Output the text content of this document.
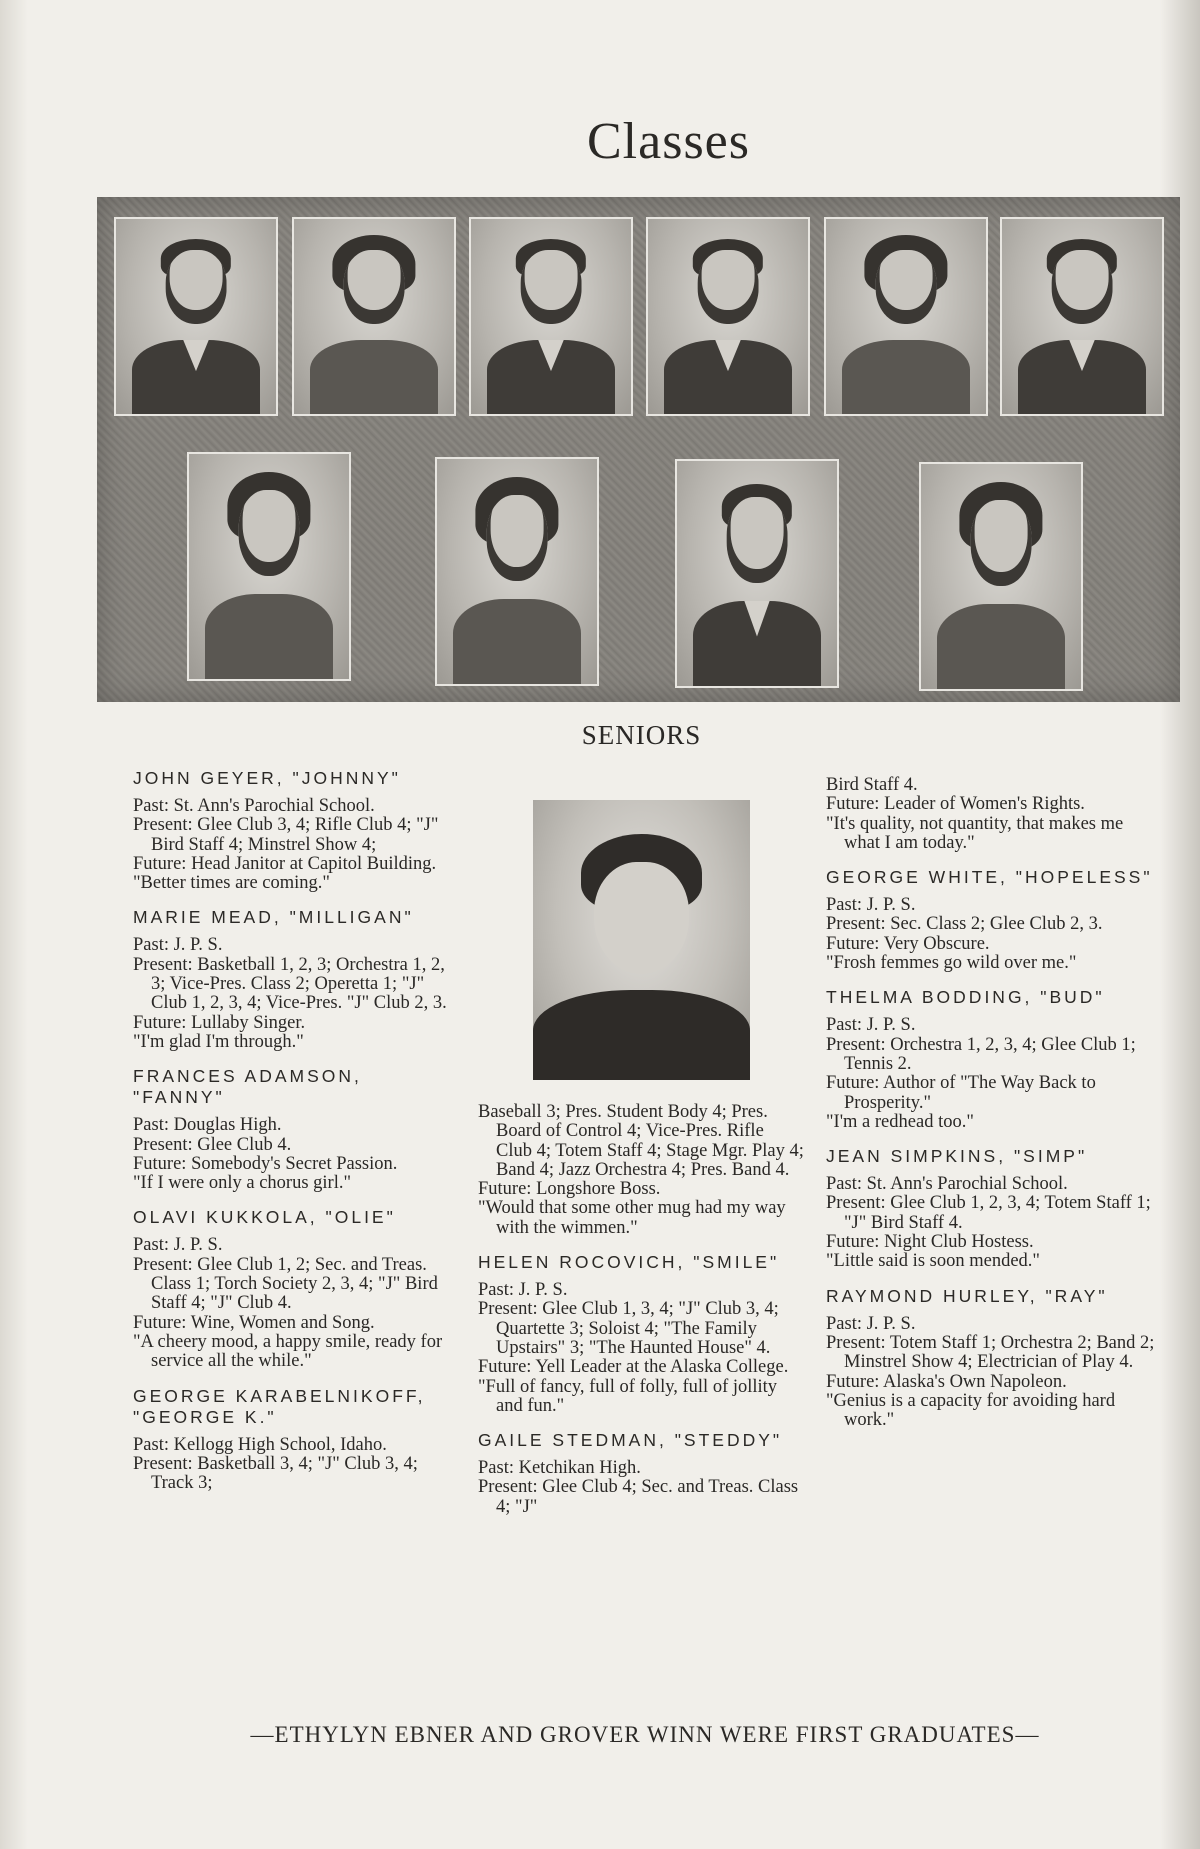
Classes
SENIORS

JOHN GEYER, "JOHNNY"

Past: St. Ann's Parochial School.

Present: Glee Club 3, 4; Rifle Club 4; "J" Bird Staff 4; Minstrel Show 4;

Future: Head Janitor at Capitol Building.

"Better times are coming."

MARIE MEAD, "MILLIGAN"

Past: J. P. S.

Present: Basketball 1, 2, 3; Orchestra 1, 2, 3; Vice-Pres. Class 2; Operetta 1; "J" Club 1, 2, 3, 4; Vice-Pres. "J" Club 2, 3.

Future: Lullaby Singer.

"I'm glad I'm through."

FRANCES ADAMSON, "FANNY"

Past: Douglas High.

Present: Glee Club 4.

Future: Somebody's Secret Passion.

"If I were only a chorus girl."

OLAVI KUKKOLA, "OLIE"

Past: J. P. S.

Present: Glee Club 1, 2; Sec. and Treas. Class 1; Torch Society 2, 3, 4; "J" Bird Staff 4; "J" Club 4.

Future: Wine, Women and Song.

"A cheery mood, a happy smile, ready for service all the while."

GEORGE KARABELNIKOFF, "GEORGE K."

Past: Kellogg High School, Idaho.

Present: Basketball 3, 4; "J" Club 3, 4; Track 3;

Baseball 3; Pres. Student Body 4; Pres. Board of Control 4; Vice-Pres. Rifle Club 4; Totem Staff 4; Stage Mgr. Play 4; Band 4; Jazz Orchestra 4; Pres. Band 4.

Future: Longshore Boss.

"Would that some other mug had my way with the wimmen."

HELEN ROCOVICH, "SMILE"

Past: J. P. S.

Present: Glee Club 1, 3, 4; "J" Club 3, 4; Quartette 3; Soloist 4; "The Family Upstairs" 3; "The Haunted House" 4.

Future: Yell Leader at the Alaska College.

"Full of fancy, full of folly, full of jollity and fun."

GAILE STEDMAN, "STEDDY"

Past: Ketchikan High.

Present: Glee Club 4; Sec. and Treas. Class 4; "J"

Bird Staff 4.

Future: Leader of Women's Rights.

"It's quality, not quantity, that makes me what I am today."

GEORGE WHITE, "HOPELESS"

Past: J. P. S.

Present: Sec. Class 2; Glee Club 2, 3.

Future: Very Obscure.

"Frosh femmes go wild over me."

THELMA BODDING, "BUD"

Past: J. P. S.

Present: Orchestra 1, 2, 3, 4; Glee Club 1; Tennis 2.

Future: Author of "The Way Back to Prosperity."

"I'm a redhead too."

JEAN SIMPKINS, "SIMP"

Past: St. Ann's Parochial School.

Present: Glee Club 1, 2, 3, 4; Totem Staff 1; "J" Bird Staff 4.

Future: Night Club Hostess.

"Little said is soon mended."

RAYMOND HURLEY, "RAY"

Past: J. P. S.

Present: Totem Staff 1; Orchestra 2; Band 2; Minstrel Show 4; Electrician of Play 4.

Future: Alaska's Own Napoleon.

"Genius is a capacity for avoiding hard work."

—ETHYLYN EBNER AND GROVER WINN WERE FIRST GRADUATES—
